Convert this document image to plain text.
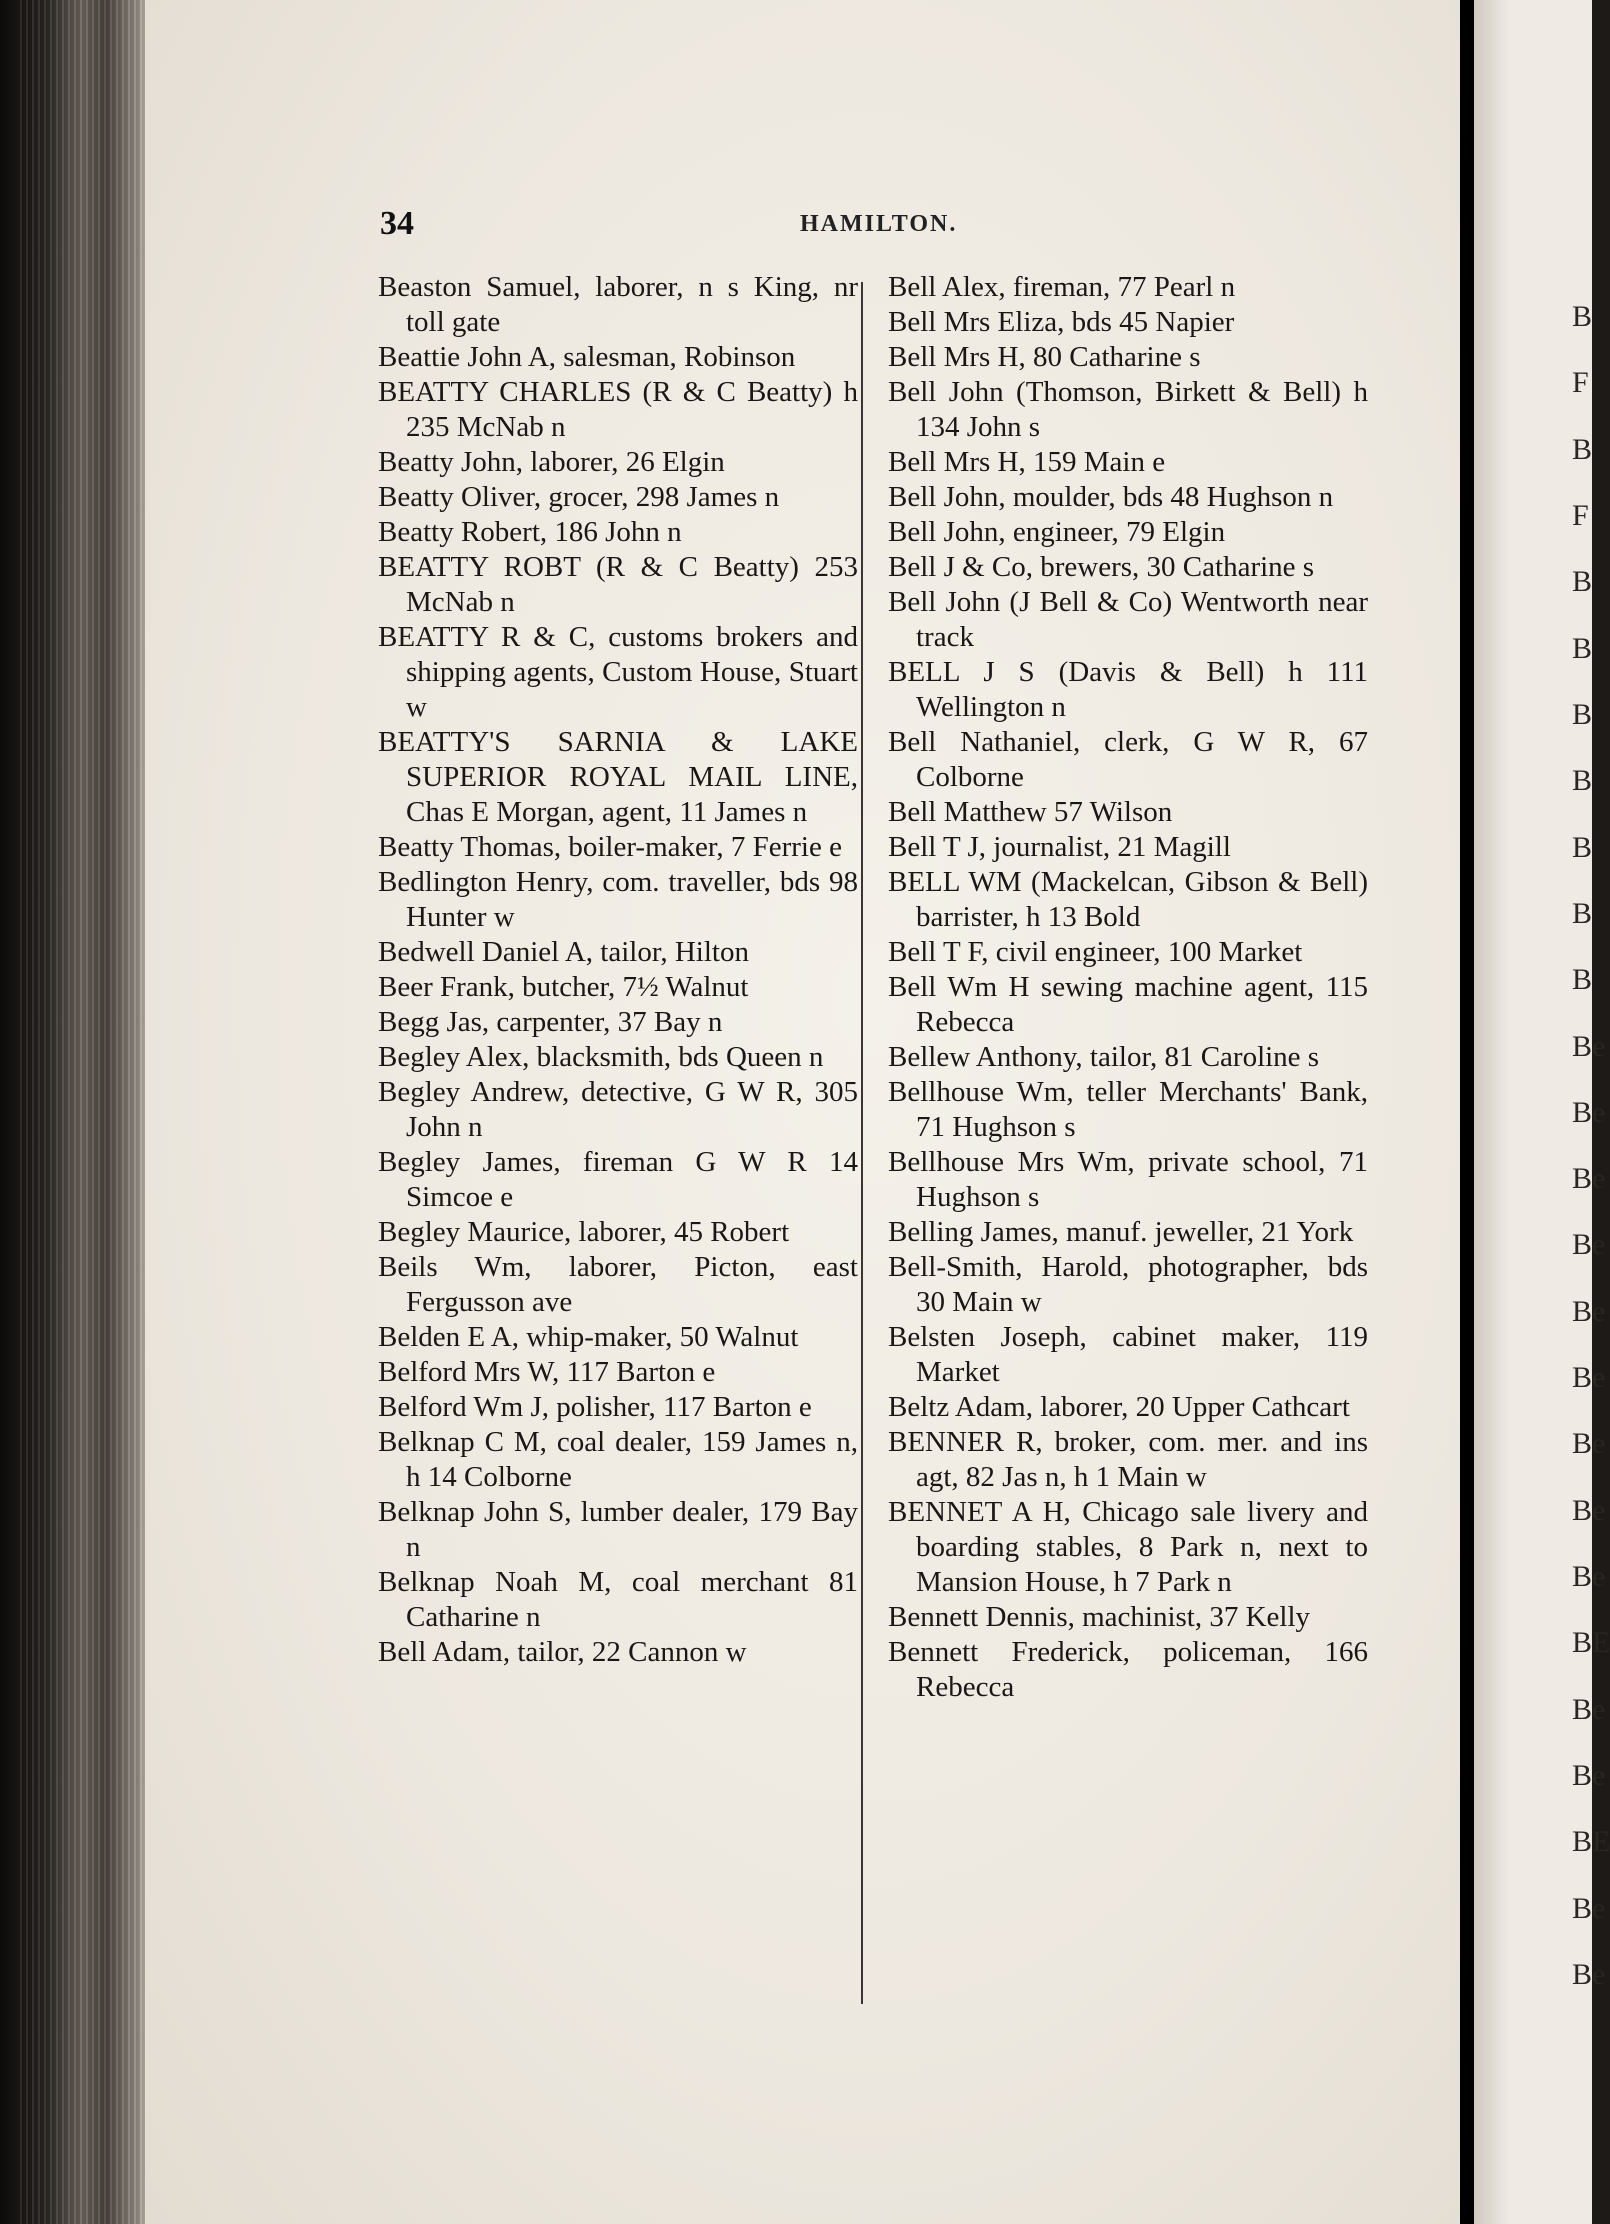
B
F
B
F
B
B
B
B
B
B
B
Be
Be
Be
Be
Be
Be
Be
Be
Be
BE
Be
Be
BE
Be
Be
34	HAMILTON.

Beaston Samuel, laborer, n s King, nr toll gate

Beattie John A, salesman, Robinson

BEATTY CHARLES (R & C Beatty) h 235 McNab n

Beatty John, laborer, 26 Elgin

Beatty Oliver, grocer, 298 James n

Beatty Robert, 186 John n

BEATTY ROBT (R & C Beatty) 253 McNab n

BEATTY R & C, customs brokers and shipping agents, Custom House, Stuart w

BEATTY'S SARNIA & LAKE SUPERIOR ROYAL MAIL LINE, Chas E Morgan, agent, 11 James n

Beatty Thomas, boiler-maker, 7 Ferrie e

Bedlington Henry, com. traveller, bds 98 Hunter w

Bedwell Daniel A, tailor, Hilton

Beer Frank, butcher, 7½ Walnut

Begg Jas, carpenter, 37 Bay n

Begley Alex, blacksmith, bds Queen n

Begley Andrew, detective, G W R, 305 John n

Begley James, fireman G W R 14 Simcoe e

Begley Maurice, laborer, 45 Robert

Beils Wm, laborer, Picton, east Fergusson ave

Belden E A, whip-maker, 50 Walnut

Belford Mrs W, 117 Barton e

Belford Wm J, polisher, 117 Barton e

Belknap C M, coal dealer, 159 James n, h 14 Colborne

Belknap John S, lumber dealer, 179 Bay n

Belknap Noah M, coal merchant 81 Catharine n

Bell Adam, tailor, 22 Cannon w

Bell Alex, fireman, 77 Pearl n

Bell Mrs Eliza, bds 45 Napier

Bell Mrs H, 80 Catharine s

Bell John (Thomson, Birkett & Bell) h 134 John s

Bell Mrs H, 159 Main e

Bell John, moulder, bds 48 Hughson n

Bell John, engineer, 79 Elgin

Bell J & Co, brewers, 30 Catharine s

Bell John (J Bell & Co) Wentworth near track

BELL J S (Davis & Bell) h 111 Wellington n

Bell Nathaniel, clerk, G W R, 67 Colborne

Bell Matthew 57 Wilson

Bell T J, journalist, 21 Magill

BELL WM (Mackelcan, Gibson & Bell) barrister, h 13 Bold

Bell T F, civil engineer, 100 Market

Bell Wm H sewing machine agent, 115 Rebecca

Bellew Anthony, tailor, 81 Caroline s

Bellhouse Wm, teller Merchants' Bank, 71 Hughson s

Bellhouse Mrs Wm, private school, 71 Hughson s

Belling James, manuf. jeweller, 21 York

Bell-Smith, Harold, photographer, bds 30 Main w

Belsten Joseph, cabinet maker, 119 Market

Beltz Adam, laborer, 20 Upper Cathcart

BENNER R, broker, com. mer. and ins agt, 82 Jas n, h 1 Main w

BENNET A H, Chicago sale livery and boarding stables, 8 Park n, next to Mansion House, h 7 Park n

Bennett Dennis, machinist, 37 Kelly

Bennett Frederick, policeman, 166 Rebecca
